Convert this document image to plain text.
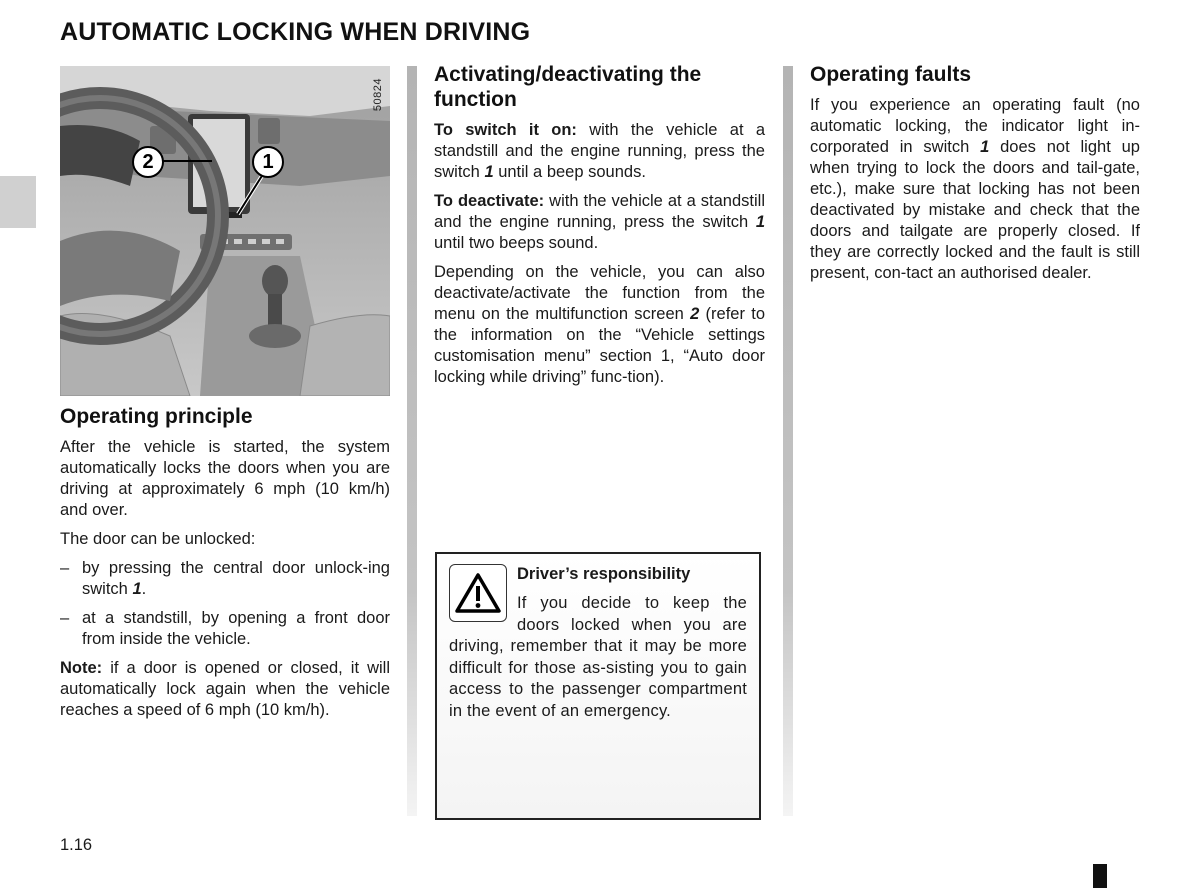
AUTOMATIC LOCKING WHEN DRIVING
50824
2	1
Operating principle

After the vehicle is started, the system automatically locks the doors when you are driving at approximately 6 mph (10 km/h) and over.

The door can be unlocked:

– by pressing the central door unlock-ing switch 1.
– at a standstill, by opening a front door from inside the vehicle.

Note: if a door is opened or closed, it will automatically lock again when the vehicle reaches a speed of 6 mph (10 km/h).

Activating/deactivating the function

To switch it on: with the vehicle at a standstill and the engine running, press the switch 1 until a beep sounds.

To deactivate: with the vehicle at a standstill and the engine running, press the switch 1 until two beeps sound.

Depending on the vehicle, you can also deactivate/activate the function from the menu on the multifunction screen 2 (refer to the information on the “Vehicle settings customisation menu” section 1, “Auto door locking while driving” func-tion).

Driver’s responsibility

If you decide to keep the doors locked when you are driving, remember that it may be more difficult for those as-sisting you to gain access to the passenger compartment in the event of an emergency.

Operating faults

If you experience an operating fault (no automatic locking, the indicator light in-corporated in switch 1 does not light up when trying to lock the doors and tail-gate, etc.), make sure that locking has not been deactivated by mistake and check that the doors and tailgate are properly closed. If they are correctly locked and the fault is still present, con-tact an authorised dealer.

1.16
